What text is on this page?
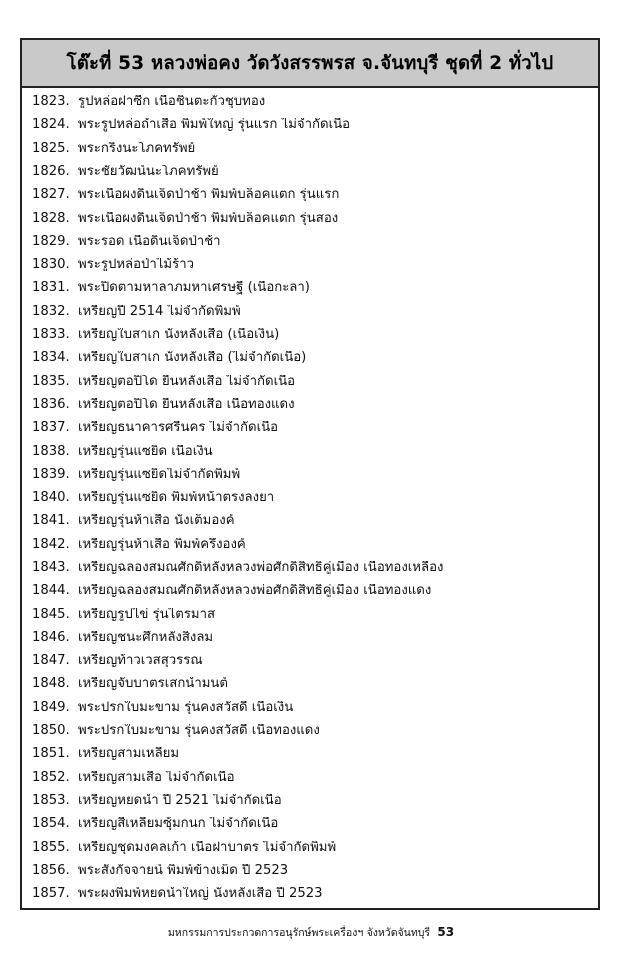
โต๊ะที่ 53 หลวงพ่อคง วัดวังสรรพรส จ.จันทบุรี ชุดที่ 2 ทั่วไป
1823. รูปหล่อฝาซีก เนื้อชินตะกั่วชุบทอง
1824. พระรูปหล่อถ้ำเสือ พิมพ์ใหญ่ รุ่นแรก ไม่จำกัดเนื้อ
1825. พระกริ่งนะโภคทรัพย์
1826. พระชัยวัฒน์นะโภคทรัพย์
1827. พระเนื้อผงดินเจ็ดป่าช้า พิมพ์บล็อคแตก รุ่นแรก
1828. พระเนื้อผงดินเจ็ดป่าช้า พิมพ์บล็อคแตก รุ่นสอง
1829. พระรอด เนื้อดินเจ็ดป่าช้า
1830. พระรูปหล่อป่าไม้ร้าว
1831. พระปิดตามหาลาภมหาเศรษฐี (เนื้อกะลา)
1832. เหรียญปี 2514 ไม่จำกัดพิมพ์
1833. เหรียญใบสาเก นั่งหลังเสือ (เนื้อเงิน)
1834. เหรียญใบสาเก นั่งหลังเสือ (ไม่จำกัดเนื้อ)
1835. เหรียญตอปิโด ยืนหลังเสือ ไม่จำกัดเนื้อ
1836. เหรียญตอปิโด ยืนหลังเสือ เนื้อทองแดง
1837. เหรียญธนาคารศรีนคร ไม่จำกัดเนื้อ
1838. เหรียญรุ่นแซยิด เนื้อเงิน
1839. เหรียญรุ่นแซยิดไม่จำกัดพิมพ์
1840. เหรียญรุ่นแซยิด พิมพ์หน้าตรงลงยา
1841. เหรียญรุ่นห้าเสือ นั่งเต็มองค์
1842. เหรียญรุ่นห้าเสือ พิมพ์ครึ่งองค์
1843. เหรียญฉลองสมณศักดิ์หลังหลวงพ่อศักดิ์สิทธิ์คู่เมือง เนื้อทองเหลือง
1844. เหรียญฉลองสมณศักดิ์หลังหลวงพ่อศักดิ์สิทธิ์คู่เมือง เนื้อทองแดง
1845. เหรียญรูปไข่ รุ่นไตรมาส
1846. เหรียญชนะศึกหลังสิงลม
1847. เหรียญท้าวเวสสุวรรณ
1848. เหรียญจับบาตรเสกน้ำมนต์
1849. พระปรกใบมะขาม รุ่นคงสวัสดี เนื้อเงิน
1850. พระปรกใบมะขาม รุ่นคงสวัสดี เนื้อทองแดง
1851. เหรียญสามเหลี่ยม
1852. เหรียญสามเสือ ไม่จำกัดเนื้อ
1853. เหรียญหยดน้ำ ปี 2521 ไม่จำกัดเนื้อ
1854. เหรียญสี่เหลี่ยมซุ้มกนก ไม่จำกัดเนื้อ
1855. เหรียญชุดมงคลเก้า เนื้อฝาบาตร ไม่จำกัดพิมพ์
1856. พระสังกัจจายน์ พิมพ์ข้างเม็ด ปี 2523
1857. พระผงพิมพ์หยดน้ำใหญ่ นั่งหลังเสือ ปี 2523
มหกรรมการประกวดการอนุรักษ์พระเครื่องฯ จังหวัดจันทบุรี 53
